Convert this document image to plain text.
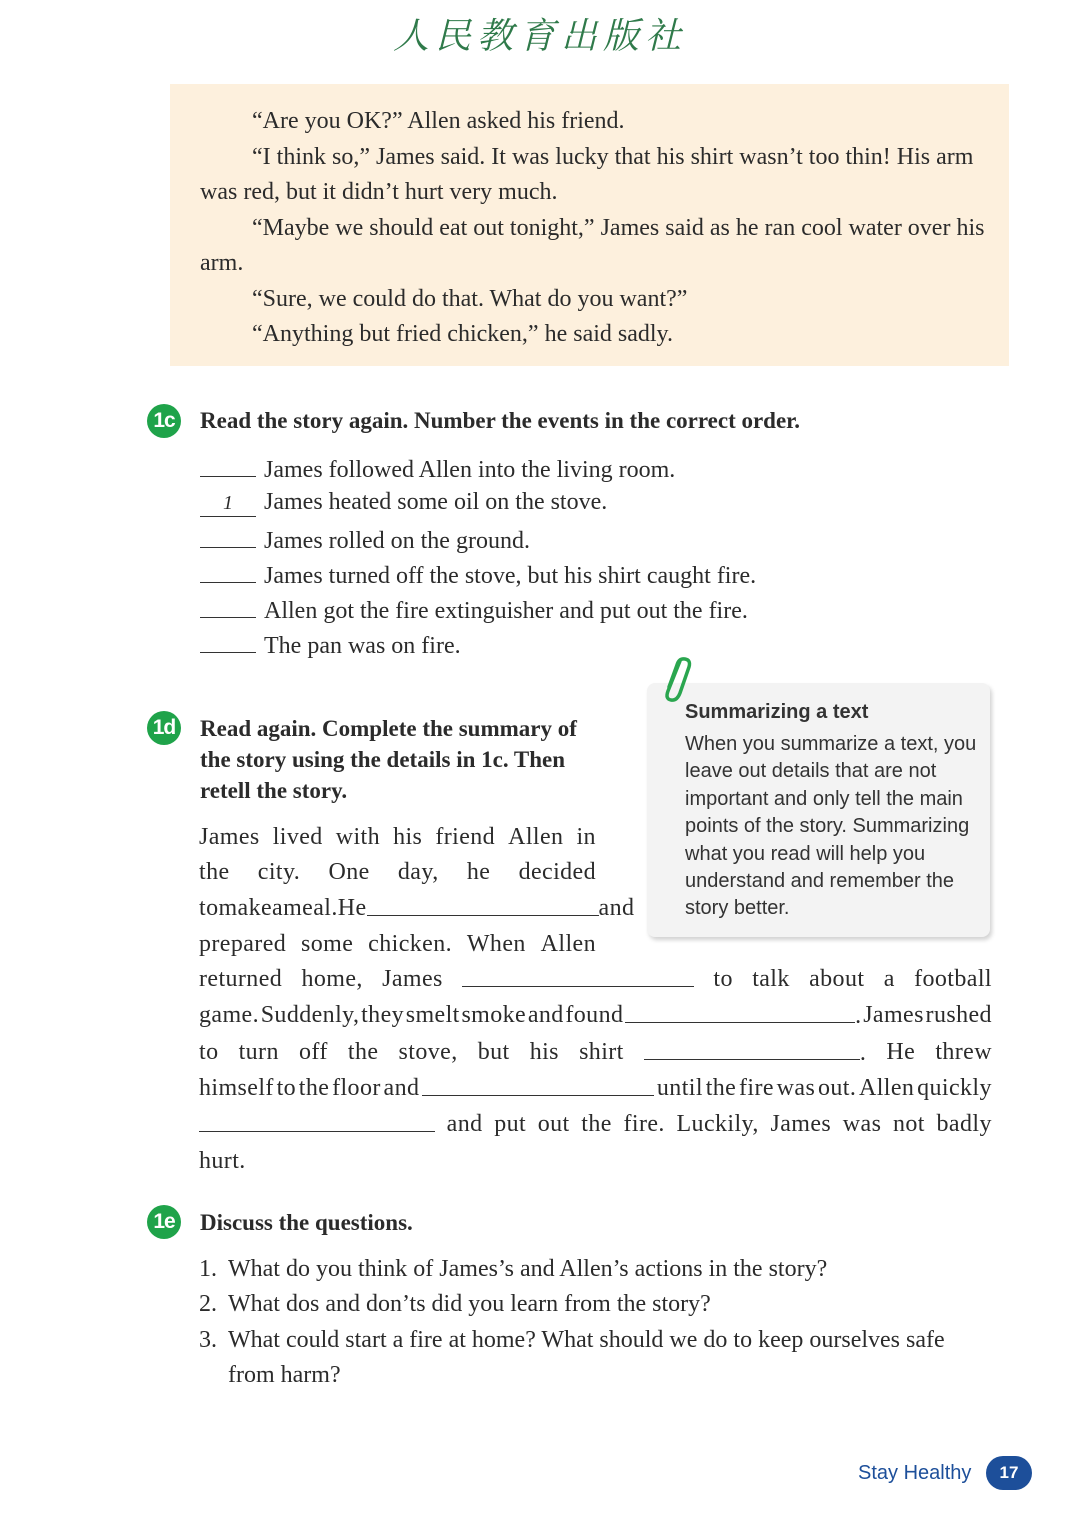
人民教育出版社

“Are you OK?” Allen asked his friend.

“I think so,” James said. It was lucky that his shirt wasn’t too thin! His arm was red, but it didn’t hurt very much.

“Maybe we should eat out tonight,” James said as he ran cool water over his arm.

“Sure, we could do that. What do you want?”

“Anything but fried chicken,” he said sadly.

1c Read the story again. Number the events in the correct order.
James followed Allen into the living room.
1 James heated some oil on the stove.
James rolled on the ground.
James turned off the stove, but his shirt caught fire.
Allen got the fire extinguisher and put out the fire.
The pan was on fire.
1d Read again. Complete the summary of the story using the details in 1c. Then retell the story.
James lived with his friend Allen in
the city. One day, he decided
to make a meal. He	and
prepared some chicken. When Allen
returned home, James	to talk about a football
game. Suddenly, they smelt smoke and found	. James rushed
to turn off the stove, but his shirt	. He threw
himself to the floor and	until the fire was out. Allen quickly
and put out the fire. Luckily, James was not badly
hurt.
Summarizing a text
When you summarize a text, you leave out details that are not important and only tell the main points of the story. Summarizing what you read will help you understand and remember the story better.
1e Discuss the questions.
1. What do you think of James’s and Allen’s actions in the story?
2. What dos and don’ts did you learn from the story?
3. What could start a fire at home? What should we do to keep ourselves safe from harm?
Stay Healthy	17
